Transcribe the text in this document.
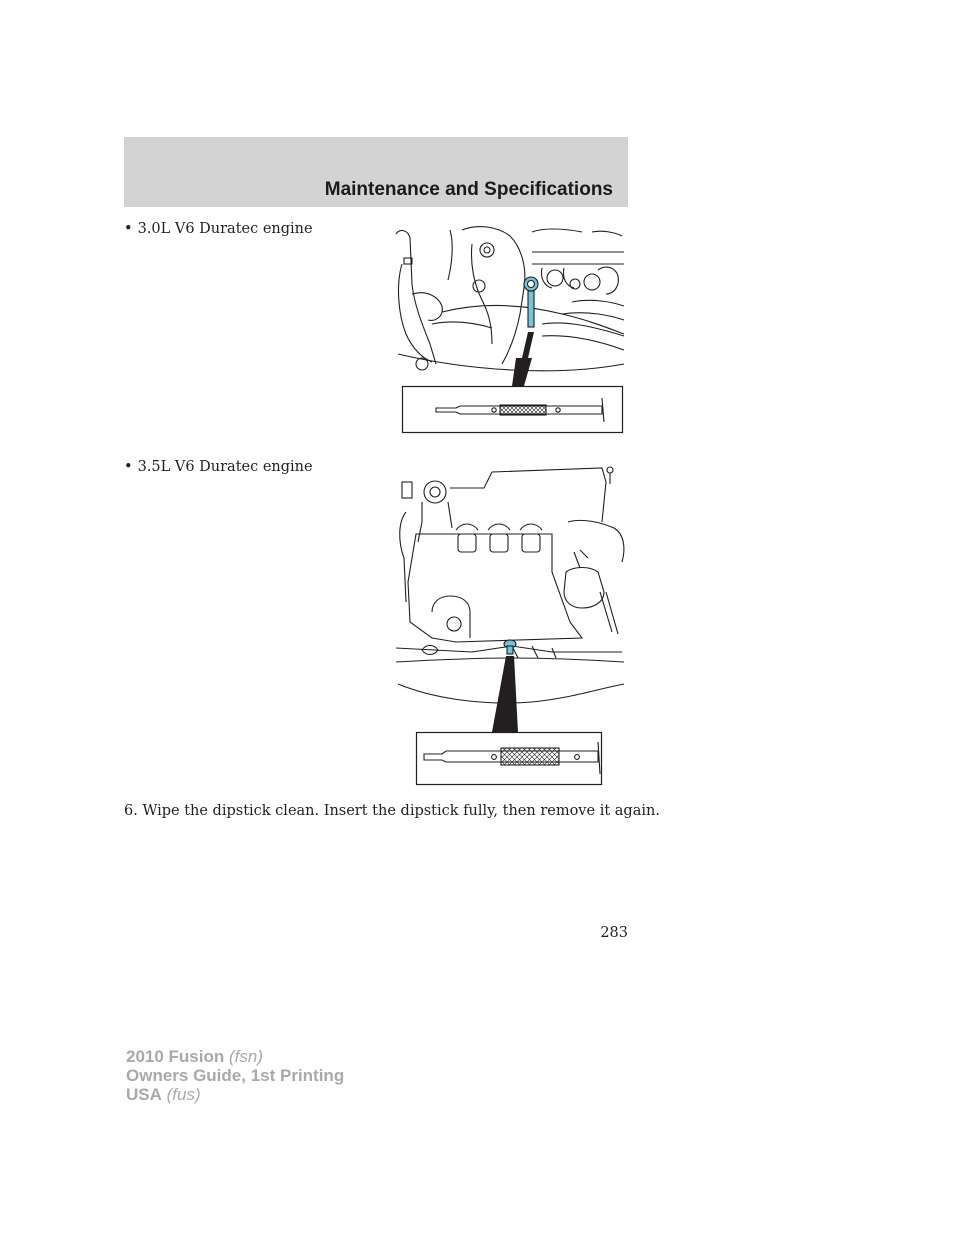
Maintenance and Specifications
• 3.0L V6 Duratec engine
• 3.5L V6 Duratec engine
6. Wipe the dipstick clean. Insert the dipstick fully, then remove it again.
283
2010 Fusion (fsn)
Owners Guide, 1st Printing
USA (fus)
